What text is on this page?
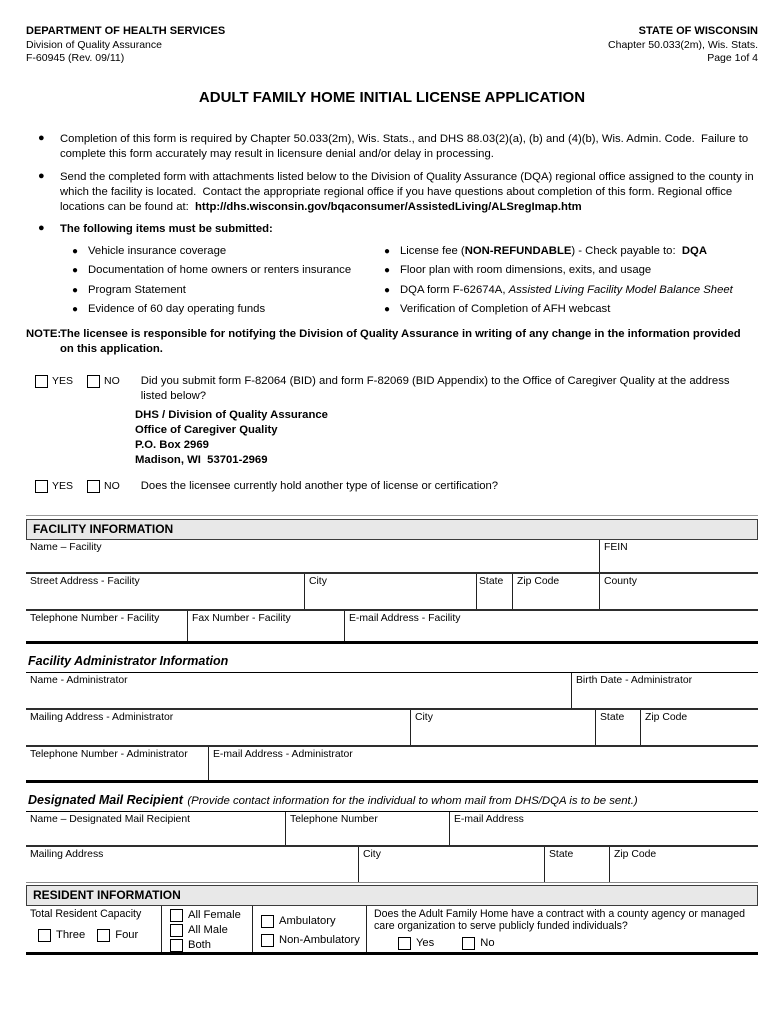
DEPARTMENT OF HEALTH SERVICES
Division of Quality Assurance
F-60945 (Rev. 09/11)
STATE OF WISCONSIN
Chapter 50.033(2m), Wis. Stats.
Page 1of 4
ADULT FAMILY HOME INITIAL LICENSE APPLICATION
●	Completion of this form is required by Chapter 50.033(2m), Wis. Stats., and DHS 88.03(2)(a), (b) and (4)(b), Wis. Admin. Code.  Failure to complete this form accurately may result in licensure denial and/or delay in processing.
●	Send the completed form with attachments listed below to the Division of Quality Assurance (DQA) regional office assigned to the county in which the facility is located.  Contact the appropriate regional office if you have questions about completion of this form. Regional office locations can be found at:  http://dhs.wisconsin.gov/bqaconsumer/AssistedLiving/ALSregImap.htm
●	The following items must be submitted:
● Vehicle insurance coverage
● Documentation of home owners or renters insurance
● Program Statement
● Evidence of 60 day operating funds
● License fee (NON-REFUNDABLE) - Check payable to:  DQA
● Floor plan with room dimensions, exits, and usage
● DQA form F-62674A, Assisted Living Facility Model Balance Sheet
● Verification of Completion of AFH webcast
NOTE:
The licensee is responsible for notifying the Division of Quality Assurance in writing of any change in the information provided on this application.
YES	NO Did you submit form F-82064 (BID) and form F-82069 (BID Appendix) to the Office of Caregiver Quality at the address listed below?
DHS / Division of Quality Assurance
Office of Caregiver Quality
P.O. Box 2969
Madison, WI  53701-2969
YES	NO Does the licensee currently hold another type of license or certification?
FACILITY INFORMATION
Name – Facility	FEIN
Street Address - Facility	City	State	Zip Code	County
Telephone Number - Facility	Fax Number - Facility	E-mail Address - Facility
Facility Administrator Information
Name - Administrator	Birth Date - Administrator
Mailing Address - Administrator	City	State	Zip Code
Telephone Number - Administrator	E-mail Address - Administrator
Designated Mail Recipient (Provide contact information for the individual to whom mail from DHS/DQA is to be sent.)
Name – Designated Mail Recipient	Telephone Number	E-mail Address
Mailing Address	City	State	Zip Code
RESIDENT INFORMATION
Total Resident Capacity
Three	Four
All Female
All Male
Both
Ambulatory
Non-Ambulatory
Does the Adult Family Home have a contract with a county agency or managed care organization to serve publicly funded individuals?
Yes	No
